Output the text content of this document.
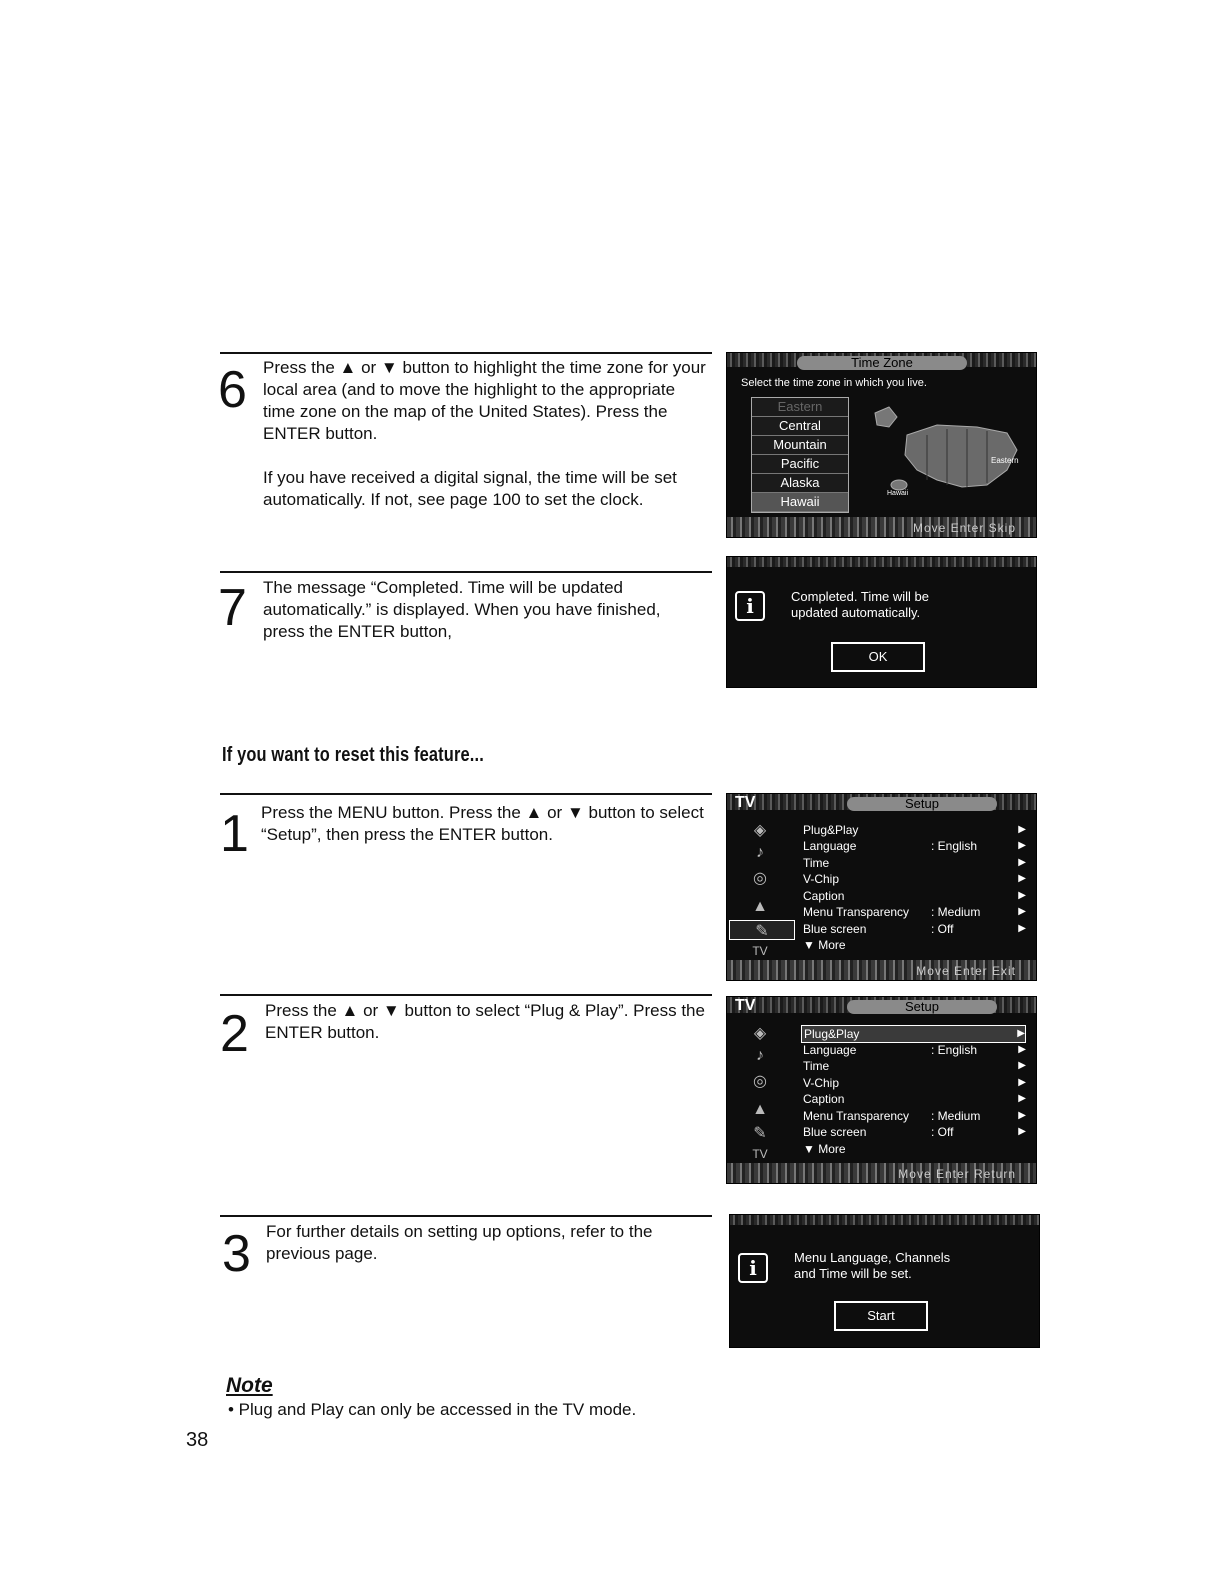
6 Press the ▲ or ▼ button to highlight the time zone for your local area (and to move the highlight to the appropriate time zone on the map of the United States). Press the ENTER button.

If you have received a digital signal, the time will be set automatically. If not, see page 100 to set the clock.

Time Zone
Select the time zone in which you live.
Eastern
Central
Mountain
Pacific
Alaska
Hawaii
Eastern
Hawaii
Move Enter Skip
7 The message “Completed. Time will be updated automatically.” is displayed. When you have finished, press the ENTER button,

i	Completed. Time will be
updated automatically.
OK
If you want to reset this feature...
1 Press the MENU button. Press the ▲ or ▼ button to select “Setup”, then press the ENTER button.
TV	Setup
◈
♪
◎
▲
✎
TV
Plug&Play	▶
Language	: English	▶
Time	▶
V-Chip	▶
Caption	▶
Menu Transparency : Medium	▶
Blue screen	: Off	▶
▼ More
Move Enter Exit
2 Press the ▲ or ▼ button to select “Plug & Play”. Press the ENTER button.
TV	Setup
◈
♪
◎
▲
✎
TV
Plug&Play	▶
Language	: English	▶
Time	▶
V-Chip	▶
Caption	▶
Menu Transparency : Medium	▶
Blue screen	: Off	▶
▼ More
Move Enter Return
3 For further details on setting up options, refer to the previous page.
i	Menu Language, Channels
and Time will be set.
Start
Note
• Plug and Play can only be accessed in the TV mode.
38
